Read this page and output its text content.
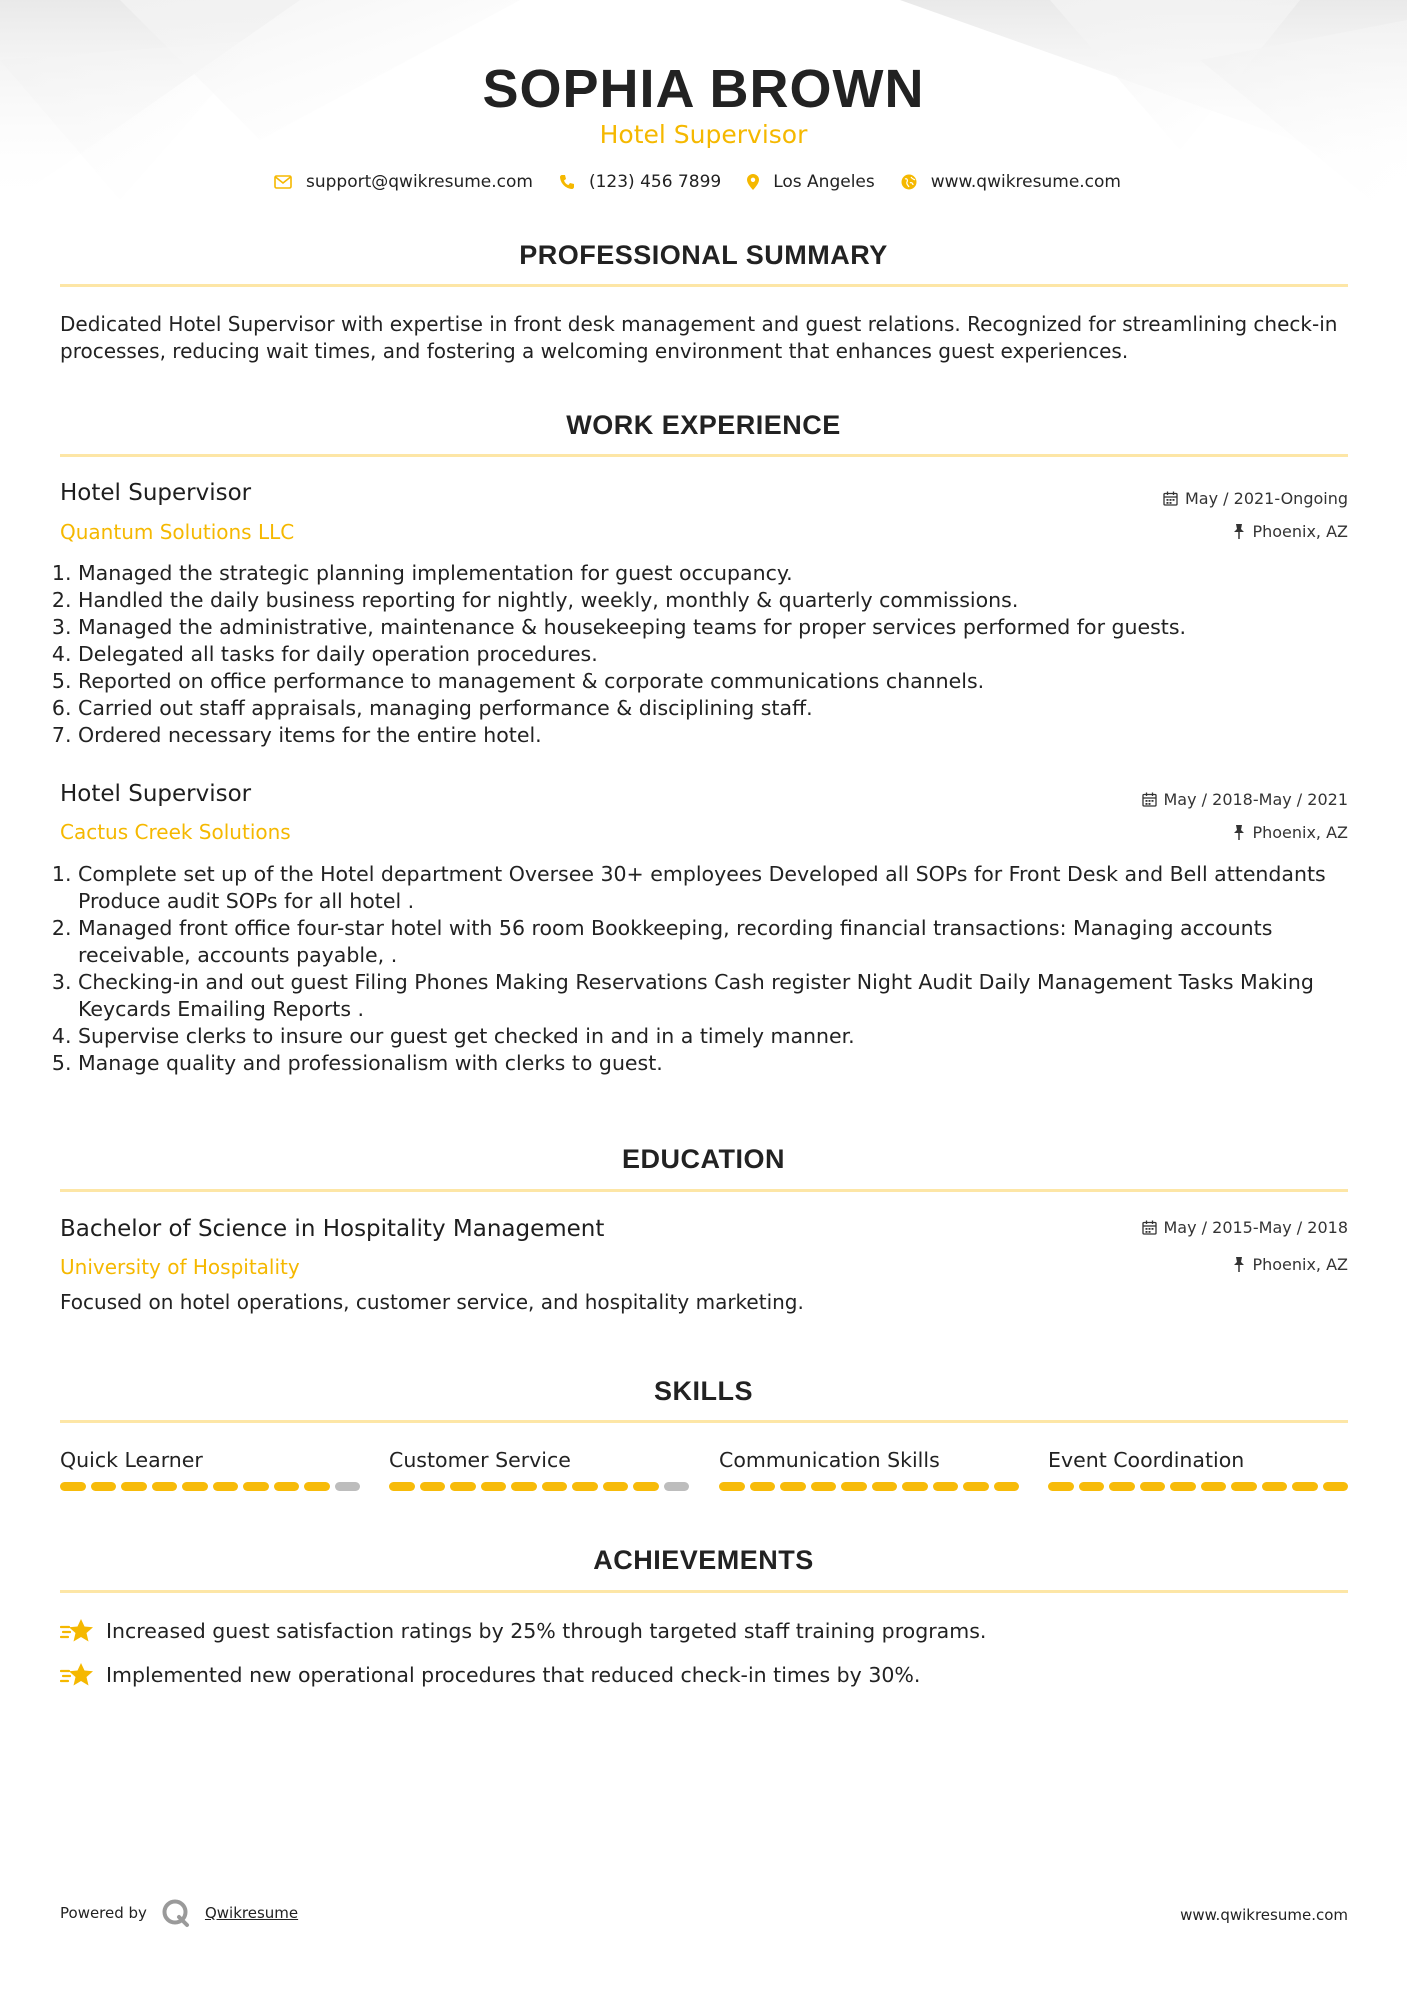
SOPHIA BROWN
Hotel Supervisor
support@qwikresume.com	(123) 456 7899	Los Angeles	www.qwikresume.com
PROFESSIONAL SUMMARY

Dedicated Hotel Supervisor with expertise in front desk management and guest relations. Recognized for streamlining check-in processes, reducing wait times, and fostering a welcoming environment that enhances guest experiences.

WORK EXPERIENCE
Hotel Supervisor
Quantum Solutions LLC
May / 2021-Ongoing
Phoenix, AZ
1. Managed the strategic planning implementation for guest occupancy.
2. Handled the daily business reporting for nightly, weekly, monthly & quarterly commissions.
3. Managed the administrative, maintenance & housekeeping teams for proper services performed for guests.
4. Delegated all tasks for daily operation procedures.
5. Reported on office performance to management & corporate communications channels.
6. Carried out staff appraisals, managing performance & disciplining staff.
7. Ordered necessary items for the entire hotel.
Hotel Supervisor
Cactus Creek Solutions
May / 2018-May / 2021
Phoenix, AZ
1. Complete set up of the Hotel department Oversee 30+ employees Developed all SOPs for Front Desk and Bell attendants Produce audit SOPs for all hotel .
2. Managed front office four-star hotel with 56 room Bookkeeping, recording financial transactions: Managing accounts receivable, accounts payable, .
3. Checking-in and out guest Filing Phones Making Reservations Cash register Night Audit Daily Management Tasks Making Keycards Emailing Reports .
4. Supervise clerks to insure our guest get checked in and in a timely manner.
5. Manage quality and professionalism with clerks to guest.
EDUCATION
Bachelor of Science in Hospitality Management
University of Hospitality
May / 2015-May / 2018
Phoenix, AZ

Focused on hotel operations, customer service, and hospitality marketing.

SKILLS
Quick Learner	Customer Service	Communication Skills	Event Coordination
ACHIEVEMENTS
Increased guest satisfaction ratings by 25% through targeted staff training programs.
Implemented new operational procedures that reduced check-in times by 30%.
Powered by	Qwikresume	www.qwikresume.com
